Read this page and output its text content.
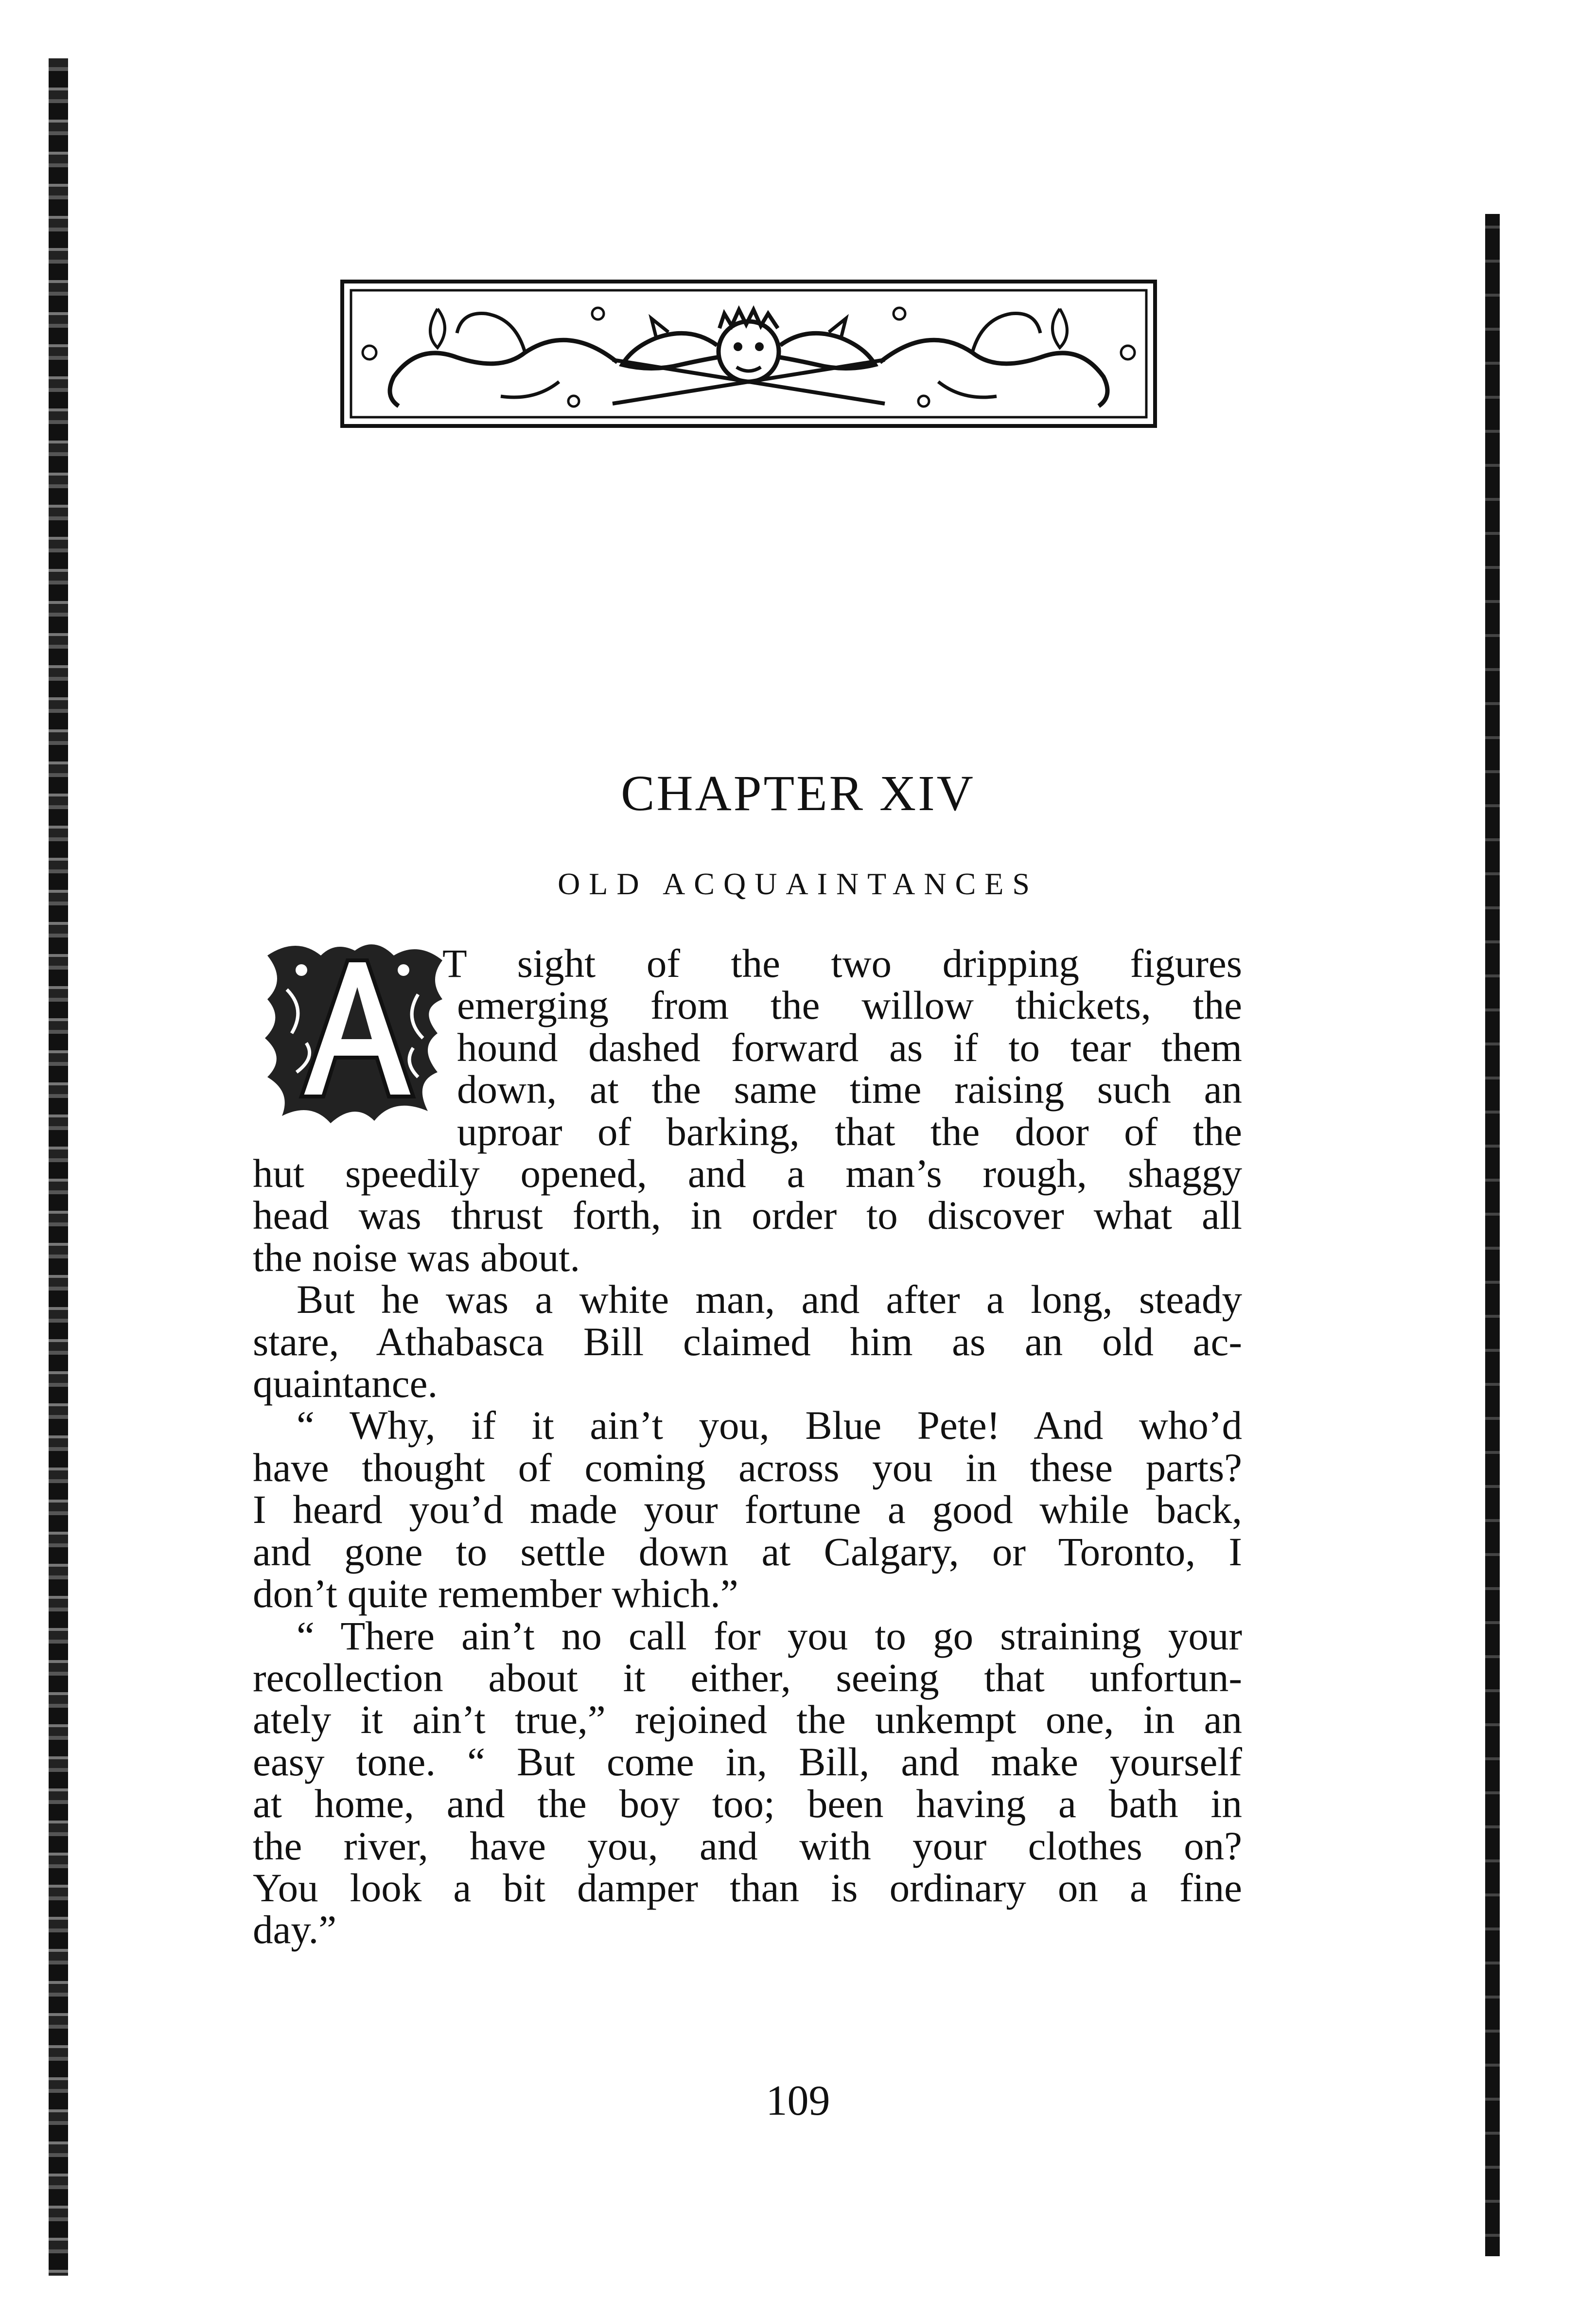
CHAPTER XIV
OLD ACQUAINTANCES
T sight of the two dripping figures
emerging from the willow thickets, the
hound dashed forward as if to tear them
down, at the same time raising such an
uproar of barking, that the door of the
hut speedily opened, and a man’s rough, shaggy
head was thrust forth, in order to discover what all
the noise was about.
But he was a white man, and after a long, steady
stare, Athabasca Bill claimed him as an old ac-
quaintance.
“ Why, if it ain’t you, Blue Pete! And who’d
have thought of coming across you in these parts?
I heard you’d made your fortune a good while back,
and gone to settle down at Calgary, or Toronto, I
don’t quite remember which.”
“ There ain’t no call for you to go straining your
recollection about it either, seeing that unfortun-
ately it ain’t true,” rejoined the unkempt one, in an
easy tone. “ But come in, Bill, and make yourself
at home, and the boy too; been having a bath in
the river, have you, and with your clothes on?
You look a bit damper than is ordinary on a fine
day.”
109
